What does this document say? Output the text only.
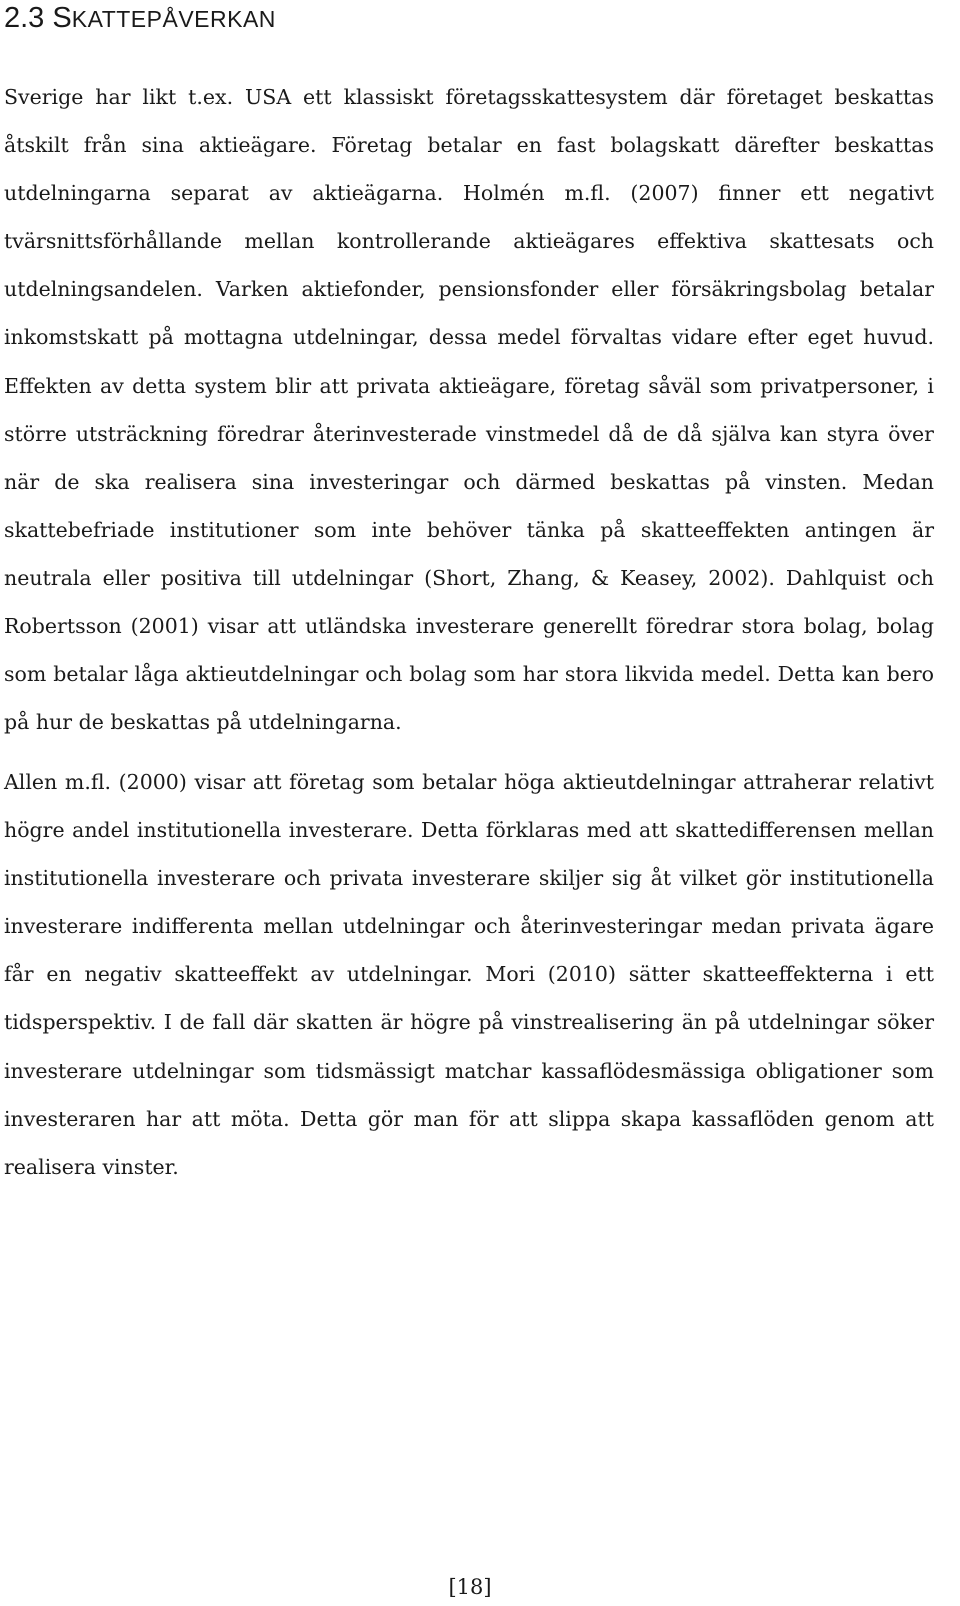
2.3 SKATTEPÅVERKAN

Sverige har likt t.ex. USA ett klassiskt företagsskattesystem där företaget beskattas åtskilt från sina aktieägare. Företag betalar en fast bolagskatt därefter beskattas utdelningarna separat av aktieägarna. Holmén m.fl. (2007) finner ett negativt tvärsnittsförhållande mellan kontrollerande aktieägares effektiva skattesats och utdelningsandelen. Varken aktiefonder, pensionsfonder eller försäkringsbolag betalar inkomstskatt på mottagna utdelningar, dessa medel förvaltas vidare efter eget huvud. Effekten av detta system blir att privata aktieägare, företag såväl som privatpersoner, i större utsträckning föredrar återinvesterade vinstmedel då de då själva kan styra över när de ska realisera sina investeringar och därmed beskattas på vinsten. Medan skattebefriade institutioner som inte behöver tänka på skatteeffekten antingen är neutrala eller positiva till utdelningar (Short, Zhang, & Keasey, 2002). Dahlquist och Robertsson (2001) visar att utländska investerare generellt föredrar stora bolag, bolag som betalar låga aktieutdelningar och bolag som har stora likvida medel. Detta kan bero på hur de beskattas på utdelningarna.

Allen m.fl. (2000) visar att företag som betalar höga aktieutdelningar attraherar relativt högre andel institutionella investerare. Detta förklaras med att skattedifferensen mellan institutionella investerare och privata investerare skiljer sig åt vilket gör institutionella investerare indifferenta mellan utdelningar och återinvesteringar medan privata ägare får en negativ skatteeffekt av utdelningar. Mori (2010) sätter skatteeffekterna i ett tidsperspektiv. I de fall där skatten är högre på vinstrealisering än på utdelningar söker investerare utdelningar som tidsmässigt matchar kassaflödesmässiga obligationer som investeraren har att möta. Detta gör man för att slippa skapa kassaflöden genom att realisera vinster.

[18]
